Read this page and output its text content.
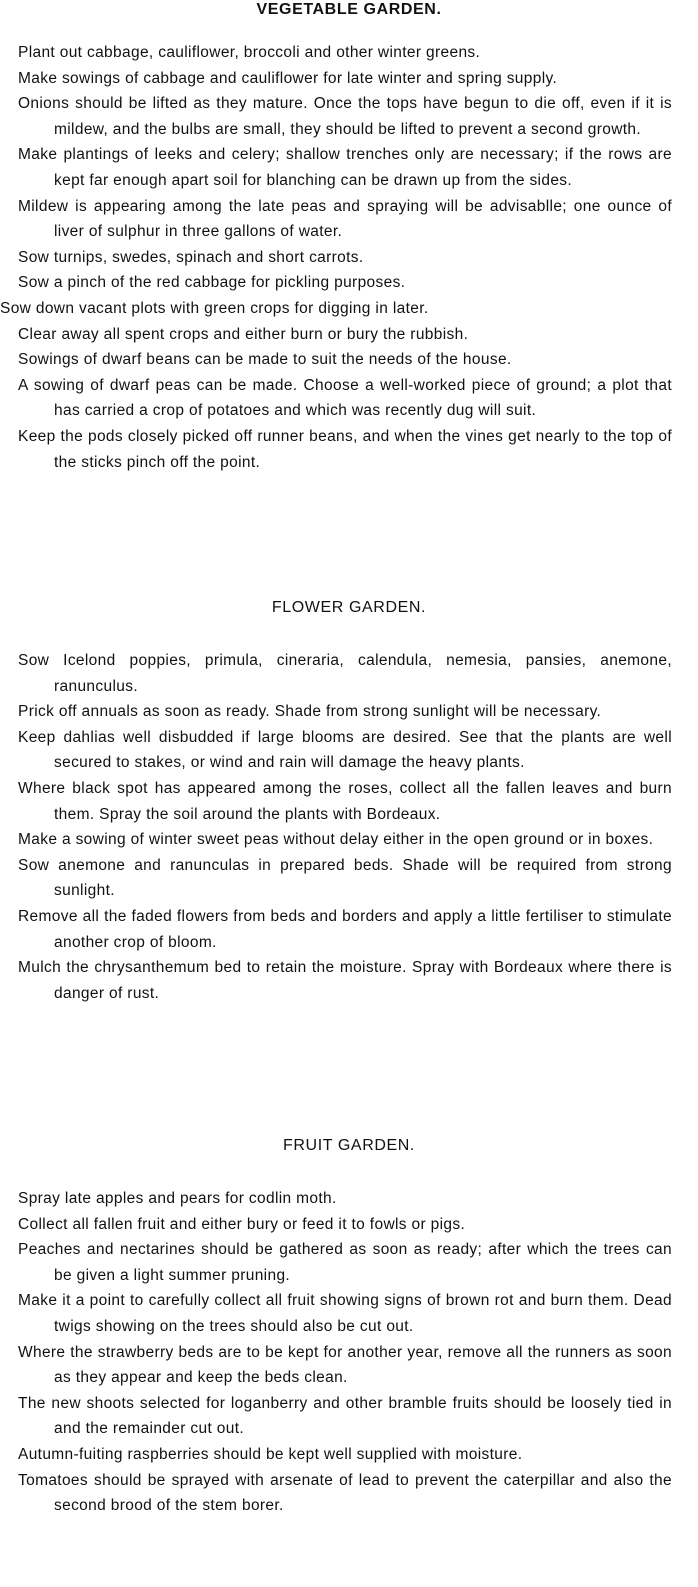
VEGETABLE GARDEN.
Plant out cabbage, cauliflower, broccoli and other winter greens.
Make sowings of cabbage and cauliflower for late winter and spring supply.
Onions should be lifted as they mature. Once the tops have begun to die off, even if it is mildew, and the bulbs are small, they should be lifted to prevent a second growth.
Make plantings of leeks and celery; shallow trenches only are necessary; if the rows are kept far enough apart soil for blanching can be drawn up from the sides.
Mildew is appearing among the late peas and spraying will be advisablle; one ounce of liver of sulphur in three gallons of water.
Sow turnips, swedes, spinach and short carrots.
Sow a pinch of the red cabbage for pickling purposes.
Sow down vacant plots with green crops for digging in later.
Clear away all spent crops and either burn or bury the rubbish.
Sowings of dwarf beans can be made to suit the needs of the house.
A sowing of dwarf peas can be made. Choose a well-worked piece of ground; a plot that has carried a crop of potatoes and which was recently dug will suit.
Keep the pods closely picked off runner beans, and when the vines get nearly to the top of the sticks pinch off the point.
FLOWER GARDEN.
Sow Icelond poppies, primula, cineraria, calendula, nemesia, pansies, anemone, ranunculus.
Prick off annuals as soon as ready. Shade from strong sunlight will be necessary.
Keep dahlias well disbudded if large blooms are desired. See that the plants are well secured to stakes, or wind and rain will damage the heavy plants.
Where black spot has appeared among the roses, collect all the fallen leaves and burn them. Spray the soil around the plants with Bordeaux.
Make a sowing of winter sweet peas without delay either in the open ground or in boxes.
Sow anemone and ranunculas in prepared beds. Shade will be required from strong sunlight.
Remove all the faded flowers from beds and borders and apply a little fertiliser to stimulate another crop of bloom.
Mulch the chrysanthemum bed to retain the moisture. Spray with Bordeaux where there is danger of rust.
FRUIT GARDEN.
Spray late apples and pears for codlin moth.
Collect all fallen fruit and either bury or feed it to fowls or pigs.
Peaches and nectarines should be gathered as soon as ready; after which the trees can be given a light summer pruning.
Make it a point to carefully collect all fruit showing signs of brown rot and burn them. Dead twigs showing on the trees should also be cut out.
Where the strawberry beds are to be kept for another year, remove all the runners as soon as they appear and keep the beds clean.
The new shoots selected for loganberry and other bramble fruits should be loosely tied in and the remainder cut out.
Autumn-fuiting raspberries should be kept well supplied with moisture.
Tomatoes should be sprayed with arsenate of lead to prevent the caterpillar and also the second brood of the stem borer.
